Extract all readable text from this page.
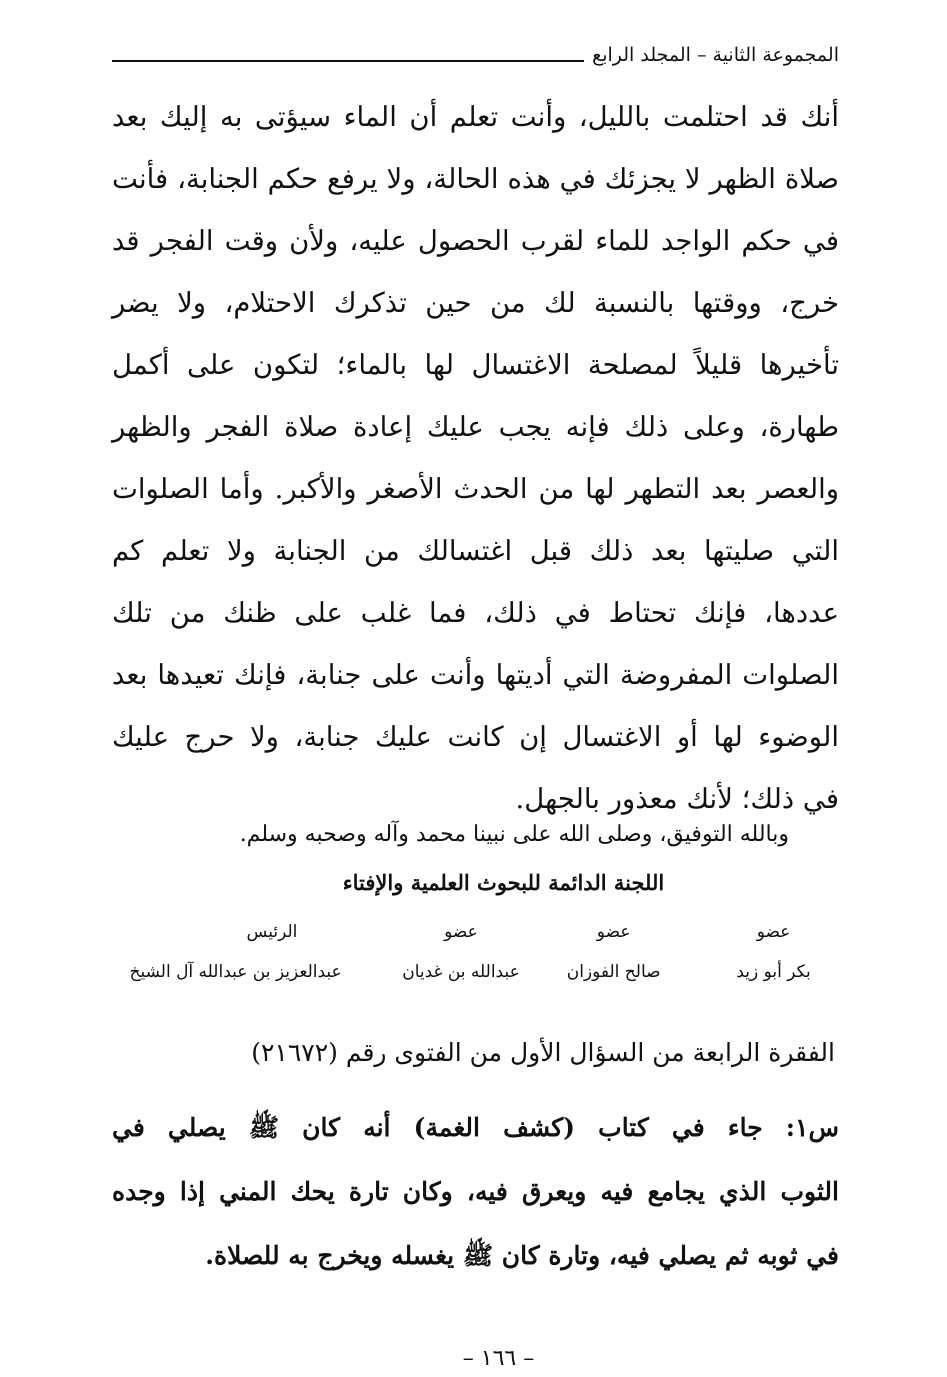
المجموعة الثانية – المجلد الرابع
أنك قد احتلمت بالليل، وأنت تعلم أن الماء سيؤتى به إليك بعد
صلاة الظهر لا يجزئك في هذه الحالة، ولا يرفع حكم الجنابة، فأنت
في حكم الواجد للماء لقرب الحصول عليه، ولأن وقت الفجر قد
خرج، ووقتها بالنسبة لك من حين تذكرك الاحتلام، ولا يضر
تأخيرها قليلاً لمصلحة الاغتسال لها بالماء؛ لتكون على أكمل
طهارة، وعلى ذلك فإنه يجب عليك إعادة صلاة الفجر والظهر
والعصر بعد التطهر لها من الحدث الأصغر والأكبر. وأما الصلوات
التي صليتها بعد ذلك قبل اغتسالك من الجنابة ولا تعلم كم
عددها، فإنك تحتاط في ذلك، فما غلب على ظنك من تلك
الصلوات المفروضة التي أديتها وأنت على جنابة، فإنك تعيدها بعد
الوضوء لها أو الاغتسال إن كانت عليك جنابة، ولا حرج عليك
في ذلك؛ لأنك معذور بالجهل.
وبالله التوفيق، وصلى الله على نبينا محمد وآله وصحبه وسلم.
اللجنة الدائمة للبحوث العلمية والإفتاء
عضو
عضو
عضو
الرئيس
بكر أبو زيد
صالح الفوزان
عبدالله بن غديان
عبدالعزيز بن عبدالله آل الشيخ
الفقرة الرابعة من السؤال الأول من الفتوى رقم (٢١٦٧٢)
س١: جاء في كتاب (كشف الغمة) أنه كان ﷺ يصلي في
الثوب الذي يجامع فيه ويعرق فيه، وكان تارة يحك المني إذا وجده
في ثوبه ثم يصلي فيه، وتارة كان ﷺ يغسله ويخرج به للصلاة.
– ١٦٦ –
